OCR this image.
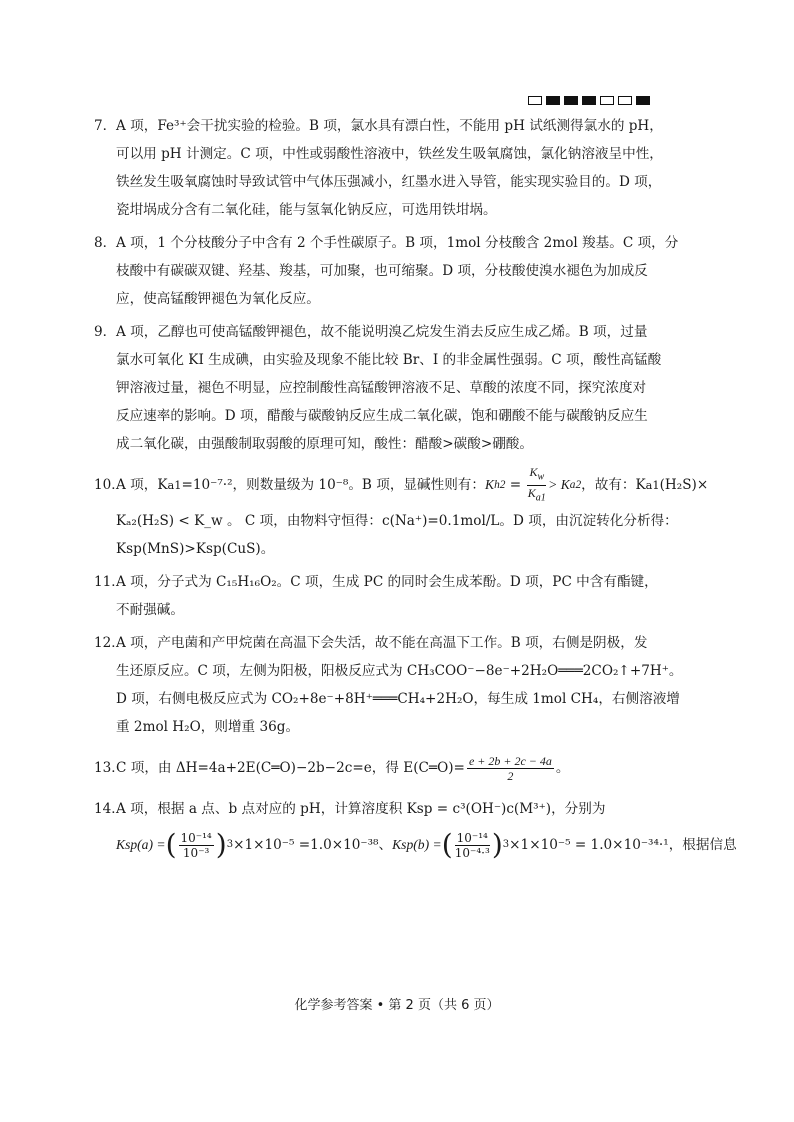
7． A 项，Fe³⁺会干扰实验的检验。B 项，氯水具有漂白性，不能用 pH 试纸测得氯水的 pH，
可以用 pH 计测定。C 项，中性或弱酸性溶液中，铁丝发生吸氧腐蚀，氯化钠溶液呈中性，
铁丝发生吸氧腐蚀时导致试管中气体压强减小，红墨水进入导管，能实现实验目的。D 项，
瓷坩埚成分含有二氧化硅，能与氢氧化钠反应，可选用铁坩埚。
8． A 项，1 个分枝酸分子中含有 2 个手性碳原子。B 项，1mol 分枝酸含 2mol 羧基。C 项，分
枝酸中有碳碳双键、羟基、羧基，可加聚，也可缩聚。D 项，分枝酸使溴水褪色为加成反
应，使高锰酸钾褪色为氧化反应。
9． A 项，乙醇也可使高锰酸钾褪色，故不能说明溴乙烷发生消去反应生成乙烯。B 项，过量
氯水可氧化 KI 生成碘，由实验及现象不能比较 Br、I 的非金属性强弱。C 项，酸性高锰酸
钾溶液过量，褪色不明显，应控制酸性高锰酸钾溶液不足、草酸的浓度不同，探究浓度对
反应速率的影响。D 项，醋酸与碳酸钠反应生成二氧化碳，饱和硼酸不能与碳酸钠反应生
成二氧化碳，由强酸制取弱酸的原理可知，酸性：醋酸>碳酸>硼酸。
10．
A 项，K a1 =10⁻⁷·²，则数量级为 10⁻⁸。B 项，显碱性则有： K $h2 = \frac{K_w}{K_{a1}} > K$ a2 ，故有：K a1 (H₂S)×
Kₐ₂(H₂S) < K_w 。 C 项，由物料守恒得：c(Na⁺)=0.1mol/L。D 项，由沉淀转化分析得：
Ksp(MnS)>Ksp(CuS)。
11．
A 项，分子式为 C₁₅H₁₆O₂。C 项，生成 PC 的同时会生成苯酚。D 项，PC 中含有酯键，
不耐强碱。
12．
A 项，产电菌和产甲烷菌在高温下会失活，故不能在高温下工作。B 项，右侧是阴极，发
生还原反应。C 项，左侧为阳极，阳极反应式为 CH₃COO⁻−8e⁻+2H₂O═══2CO₂↑+7H⁺。
D 项，右侧电极反应式为 CO₂+8e⁻+8H⁺═══CH₄+2H₂O，每生成 1mol CH₄，右侧溶液增
重 2mol H₂O，则增重 36g。
13．
C 项，由 ΔH=4a+2E(C═O)−2b−2c=e，得 E(C═O)= $\frac{e + 2b + 2c - 4a}{2}$ 。
14．
A 项，根据 a 点、b 点对应的 pH，计算溶度积 Ksp = c³(OH⁻)c(M³⁺)，分别为
Ksp(a) = ( $\frac{\text{10⁻¹⁴}}{\text{10⁻³}}$ ) 3 ×1×10⁻⁵ =1.0×10⁻³⁸ 、 Ksp(b) = ( $\frac{\text{10⁻¹⁴}}{\text{10⁻⁴·³}}$ ) 3 ×1×10⁻⁵ = 1.0×10⁻³⁴·¹ ，根据信息
化学参考答案 • 第 2 页（共 6 页）
